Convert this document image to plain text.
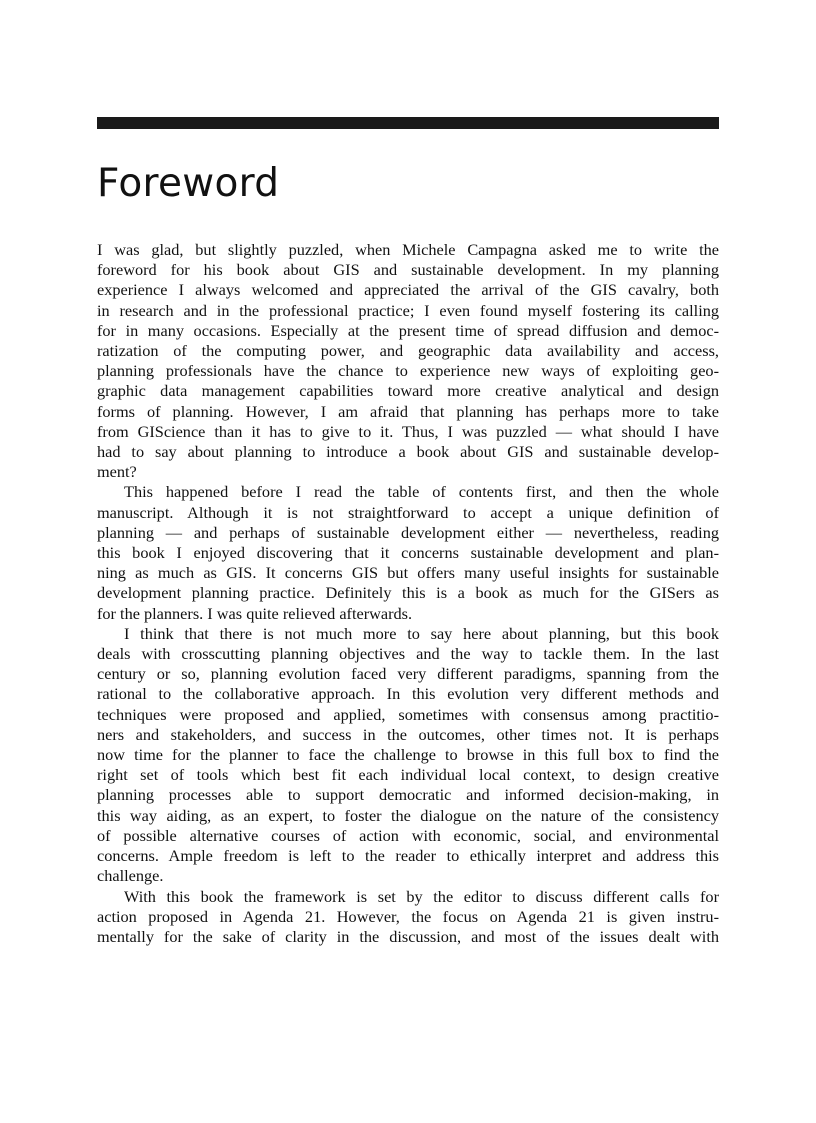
Foreword

I was glad, but slightly puzzled, when Michele Campagna asked me to write the
foreword for his book about GIS and sustainable development. In my planning
experience I always welcomed and appreciated the arrival of the GIS cavalry, both
in research and in the professional practice; I even found myself fostering its calling
for in many occasions. Especially at the present time of spread diffusion and democ-
ratization of the computing power, and geographic data availability and access,
planning professionals have the chance to experience new ways of exploiting geo-
graphic data management capabilities toward more creative analytical and design
forms of planning. However, I am afraid that planning has perhaps more to take
from GIScience than it has to give to it. Thus, I was puzzled — what should I have
had to say about planning to introduce a book about GIS and sustainable develop-
ment?

This happened before I read the table of contents first, and then the whole
manuscript. Although it is not straightforward to accept a unique definition of
planning — and perhaps of sustainable development either — nevertheless, reading
this book I enjoyed discovering that it concerns sustainable development and plan-
ning as much as GIS. It concerns GIS but offers many useful insights for sustainable
development planning practice. Definitely this is a book as much for the GISers as
for the planners. I was quite relieved afterwards.

I think that there is not much more to say here about planning, but this book
deals with crosscutting planning objectives and the way to tackle them. In the last
century or so, planning evolution faced very different paradigms, spanning from the
rational to the collaborative approach. In this evolution very different methods and
techniques were proposed and applied, sometimes with consensus among practitio-
ners and stakeholders, and success in the outcomes, other times not. It is perhaps
now time for the planner to face the challenge to browse in this full box to find the
right set of tools which best fit each individual local context, to design creative
planning processes able to support democratic and informed decision-making, in
this way aiding, as an expert, to foster the dialogue on the nature of the consistency
of possible alternative courses of action with economic, social, and environmental
concerns. Ample freedom is left to the reader to ethically interpret and address this
challenge.

With this book the framework is set by the editor to discuss different calls for
action proposed in Agenda 21. However, the focus on Agenda 21 is given instru-
mentally for the sake of clarity in the discussion, and most of the issues dealt with
